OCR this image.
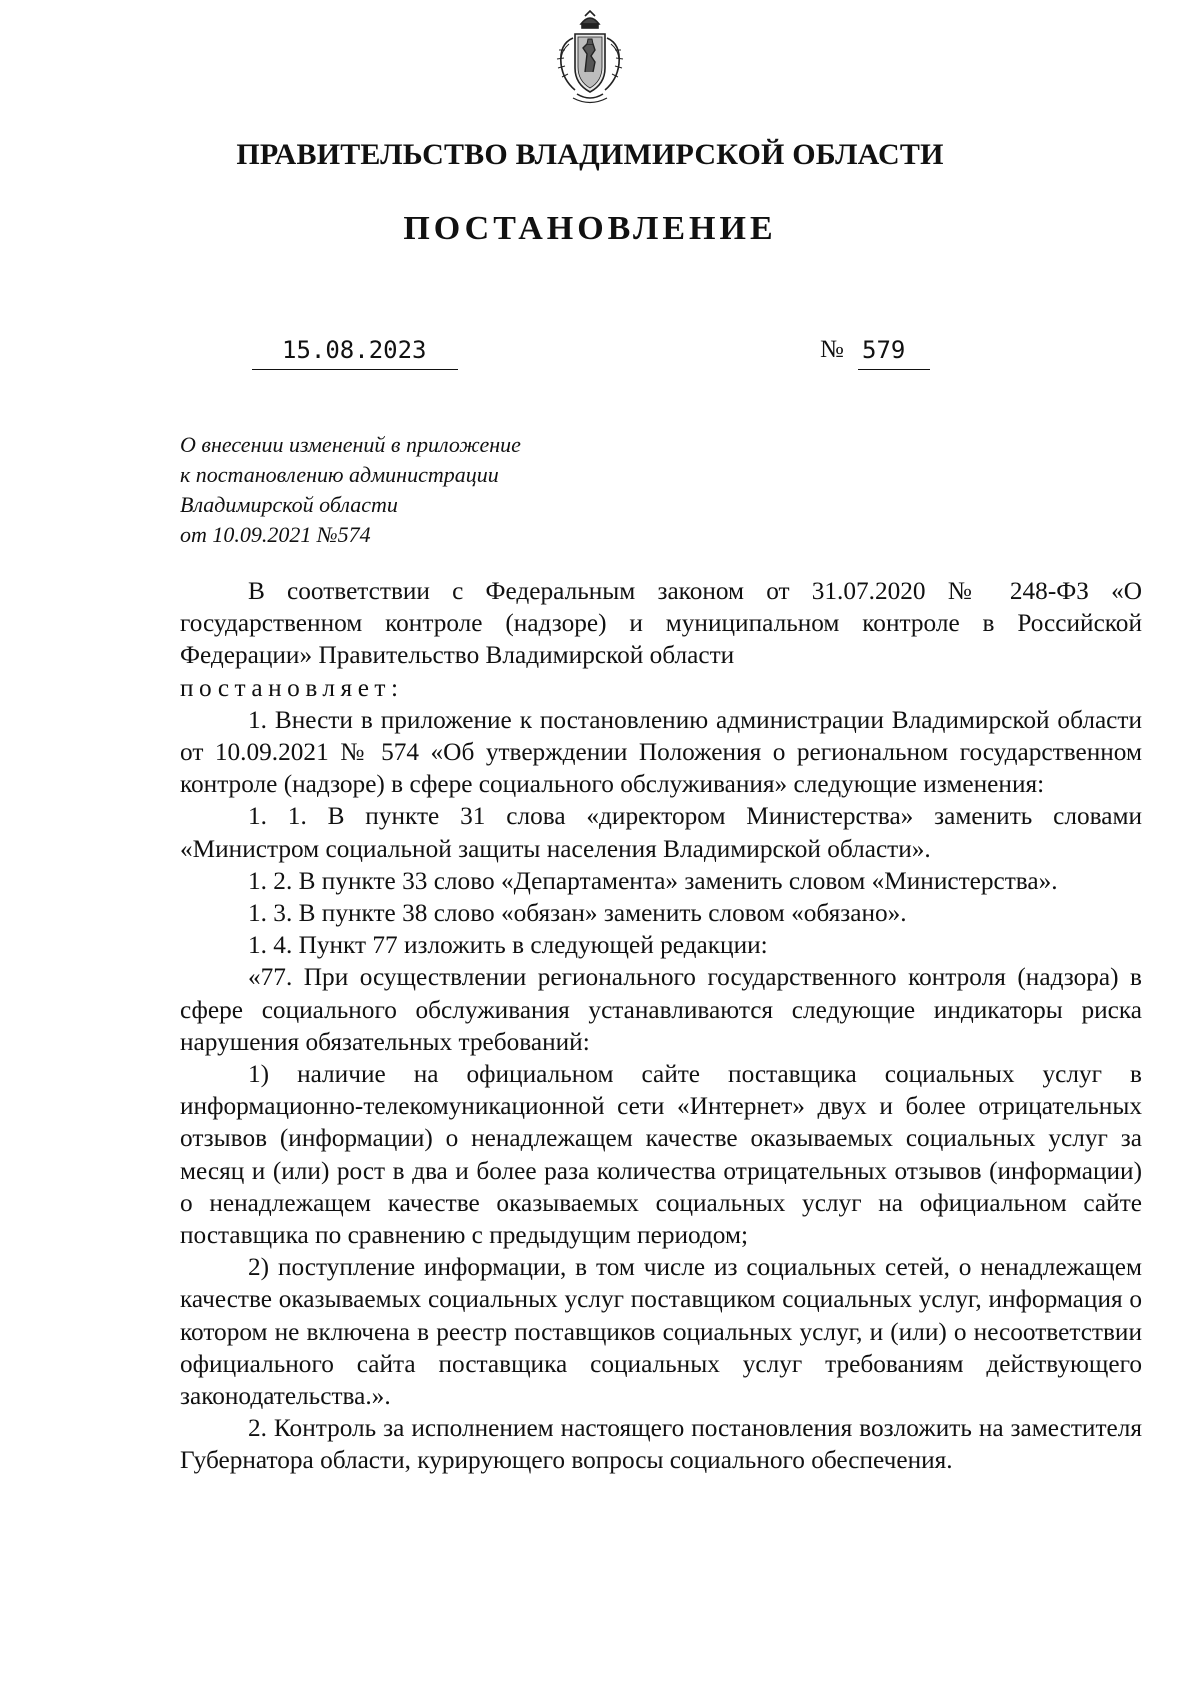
ПРАВИТЕЛЬСТВО ВЛАДИМИРСКОЙ ОБЛАСТИ
ПОСТАНОВЛЕНИЕ
15.08.2023	№ 579
О внесении изменений в приложение
к постановлению администрации
Владимирской области
от 10.09.2021 №574

В соответствии с Федеральным законом от 31.07.2020 № 248-ФЗ «О государственном контроле (надзоре) и муниципальном контроле в Российской Федерации» Правительство Владимирской области

постановляет:

1. Внести в приложение к постановлению администрации Владимирской области от 10.09.2021 № 574 «Об утверждении Положения о региональном государственном контроле (надзоре) в сфере социального обслуживания» следующие изменения:

1. 1. В пункте 31 слова «директором Министерства» заменить словами «Министром социальной защиты населения Владимирской области».

1. 2. В пункте 33 слово «Департамента» заменить словом «Министерства».

1. 3. В пункте 38 слово «обязан» заменить словом «обязано».

1. 4. Пункт 77 изложить в следующей редакции:

«77. При осуществлении регионального государственного контроля (надзора) в сфере социального обслуживания устанавливаются следующие индикаторы риска нарушения обязательных требований:

1) наличие на официальном сайте поставщика социальных услуг в информационно-телекомуникационной сети «Интернет» двух и более отрицательных отзывов (информации) о ненадлежащем качестве оказываемых социальных услуг за месяц и (или) рост в два и более раза количества отрицательных отзывов (информации) о ненадлежащем качестве оказываемых социальных услуг на официальном сайте поставщика по сравнению с предыдущим периодом;

2) поступление информации, в том числе из социальных сетей, о ненадлежащем качестве оказываемых социальных услуг поставщиком социальных услуг, информация о котором не включена в реестр поставщиков социальных услуг, и (или) о несоответствии официального сайта поставщика социальных услуг требованиям действующего законодательства.».

2. Контроль за исполнением настоящего постановления возложить на заместителя Губернатора области, курирующего вопросы социального обеспечения.
